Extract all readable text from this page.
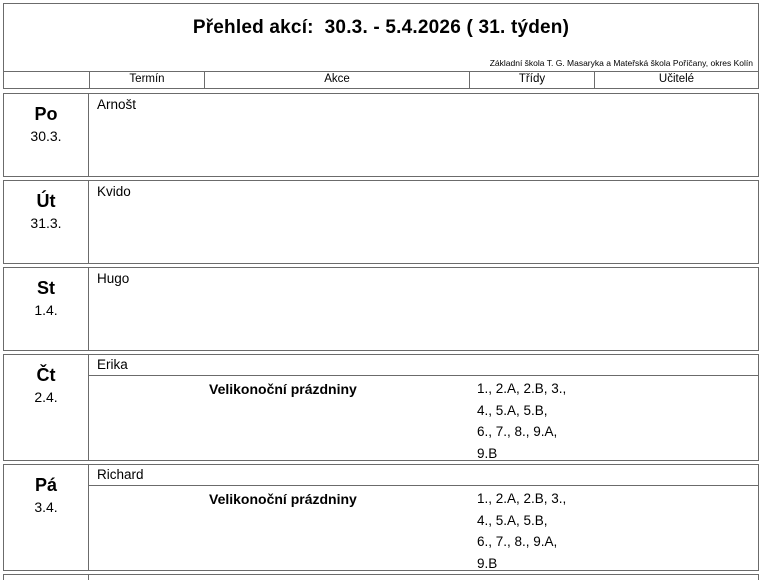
Přehled akcí:  30.3. - 5.4.2026 ( 31. týden)
Základní škola T. G. Masaryka a Mateřská škola Poříčany, okres Kolín
Termín	Akce	Třídy	Učitelé
Po
30.3.
Arnošt
Út
31.3.
Kvido
St
1.4.
Hugo
Čt
2.4.
Erika
Velikonoční prázdniny	1., 2.A, 2.B, 3.,
4., 5.A, 5.B,
6., 7., 8., 9.A,
9.B
Pá
3.4.
Richard
Velikonoční prázdniny	1., 2.A, 2.B, 3.,
4., 5.A, 5.B,
6., 7., 8., 9.A,
9.B
